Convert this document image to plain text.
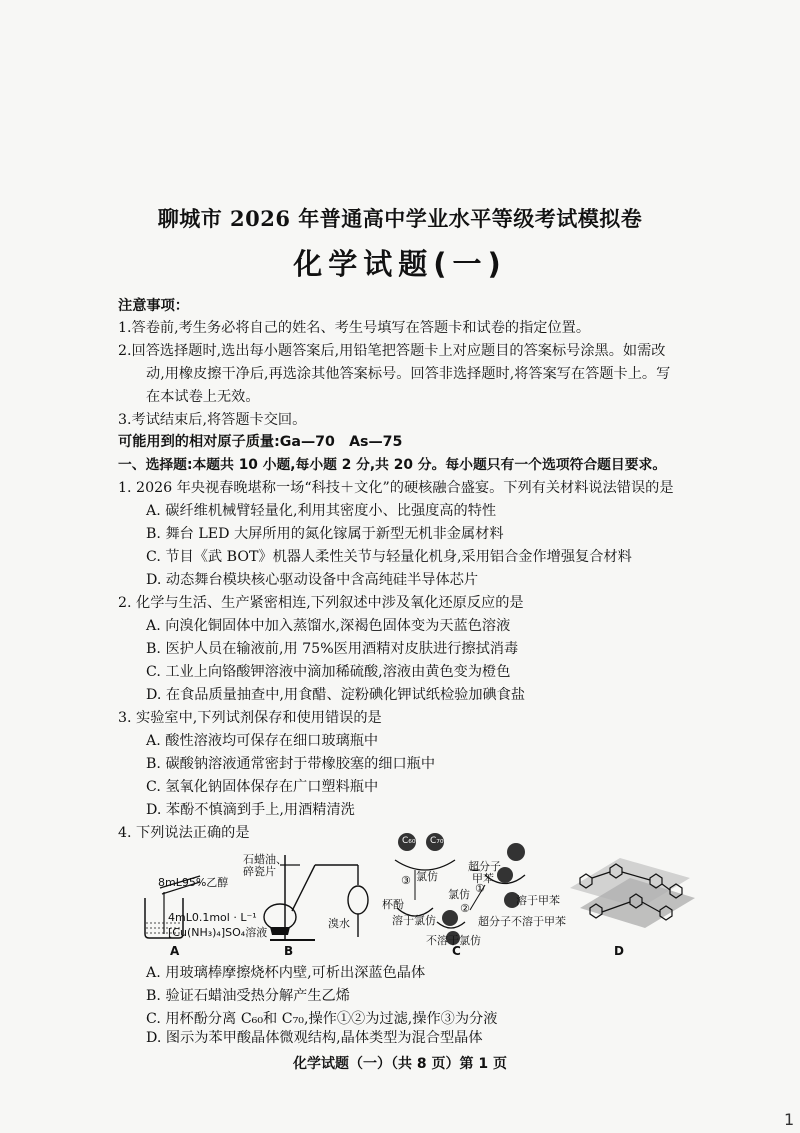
聊城市 2026 年普通高中学业水平等级考试模拟卷
化学试题(一)
注意事项：
1.答卷前,考生务必将自己的姓名、考生号填写在答题卡和试卷的指定位置。
2.回答选择题时,选出每小题答案后,用铅笔把答题卡上对应题目的答案标号涂黑。如需改
动,用橡皮擦干净后,再选涂其他答案标号。回答非选择题时,将答案写在答题卡上。写
在本试卷上无效。
3.考试结束后,将答题卡交回。
可能用到的相对原子质量:Ga—70　As—75
一、选择题:本题共 10 小题,每小题 2 分,共 20 分。每小题只有一个选项符合题目要求。
1. 2026 年央视春晚堪称一场“科技＋文化”的硬核融合盛宴。下列有关材料说法错误的是
A. 碳纤维机械臂轻量化,利用其密度小、比强度高的特性
B. 舞台 LED 大屏所用的氮化镓属于新型无机非金属材料
C. 节目《武 BOT》机器人柔性关节与轻量化机身,采用铝合金作增强复合材料
D. 动态舞台模块核心驱动设备中含高纯硅半导体芯片
2. 化学与生活、生产紧密相连,下列叙述中涉及氧化还原反应的是
A. 向溴化铜固体中加入蒸馏水,深褐色固体变为天蓝色溶液
B. 医护人员在输液前,用 75%医用酒精对皮肤进行擦拭消毒
C. 工业上向铬酸钾溶液中滴加稀硫酸,溶液由黄色变为橙色
D. 在食品质量抽查中,用食醋、淀粉碘化钾试纸检验加碘食盐
3. 实验室中,下列试剂保存和使用错误的是
A. 酸性溶液均可保存在细口玻璃瓶中
B. 碳酸钠溶液通常密封于带橡胶塞的细口瓶中
C. 氢氧化钠固体保存在广口塑料瓶中
D. 苯酚不慎滴到手上,用酒精清洗
4. 下列说法正确的是
8mL95%乙醇
4mL0.1mol · L⁻¹
[Cu(NH₃)₄]SO₄溶液
A
石蜡油、
碎瓷片
溴水
B
C₆₀ C₇₀
超分子
甲苯
氯仿
③
①
氯仿	溶于甲苯
杯酚	②
溶于氯仿	超分子不溶于甲苯
不溶于氯仿
C	D
A. 用玻璃棒摩擦烧杯内壁,可析出深蓝色晶体
B. 验证石蜡油受热分解产生乙烯
C. 用杯酚分离 C₆₀和 C₇₀,操作①②为过滤,操作③为分液
D. 图示为苯甲酸晶体微观结构,晶体类型为混合型晶体
化学试题（一）（共 8 页）第 1 页
1
